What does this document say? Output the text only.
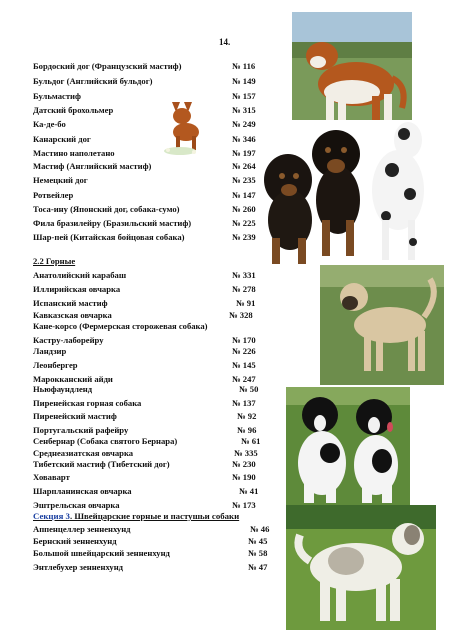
14.
Бордоский дог (Французский мастиф)	№ 116
Бульдог (Английский бульдог)	№ 149
Бульмастиф	№ 157
Датский брохольмер	№ 315
Ка-де-бо	№ 249
Канарский дог	№ 346
Мастино наполетано	№ 197
Мастиф (Английский мастиф)	№ 264
Немецкий дог	№ 235
Ротвейлер	№ 147
Тоса-ину (Японский дог, собака-сумо)	№ 260
Фила бразилейру (Бразильский мастиф)	№ 225
Шар-пей (Китайская бойцовая собака)	№ 239
2.2 Горные
Анатолийский карабаш	№ 331
Иллирийская овчарка	№ 278
Испанский мастиф	№ 91
Кавказская овчарка	№ 328
Кане-корсо (Фермерская сторожевая собака)
Кастру-лаборейру	№ 170
Ландзир	№ 226
Леонбергер	№ 145
Марокканский айди	№ 247
Ньюфаундленд	№ 50
Пиренейская горная собака	№ 137
Пиренейский мастиф	№ 92
Португальский рафейру	№ 96
Сенбернар (Собака святого Бернара)	№ 61
Среднеазиатская овчарка	№ 335
Тибетский мастиф (Тибетский дог)	№ 230
Ховаварт	№ 190
Шарпланинская овчарка	№ 41
Эштрельская овчарка	№ 173
Секция 3. Швейцарские горные и пастушьи собаки
Аппенцеллер зенненхунд	№ 46
Бернский зенненхунд	№ 45
Большой швейцарский зенненхунд	№ 58
Энтлебухер зенненхунд	№ 47
